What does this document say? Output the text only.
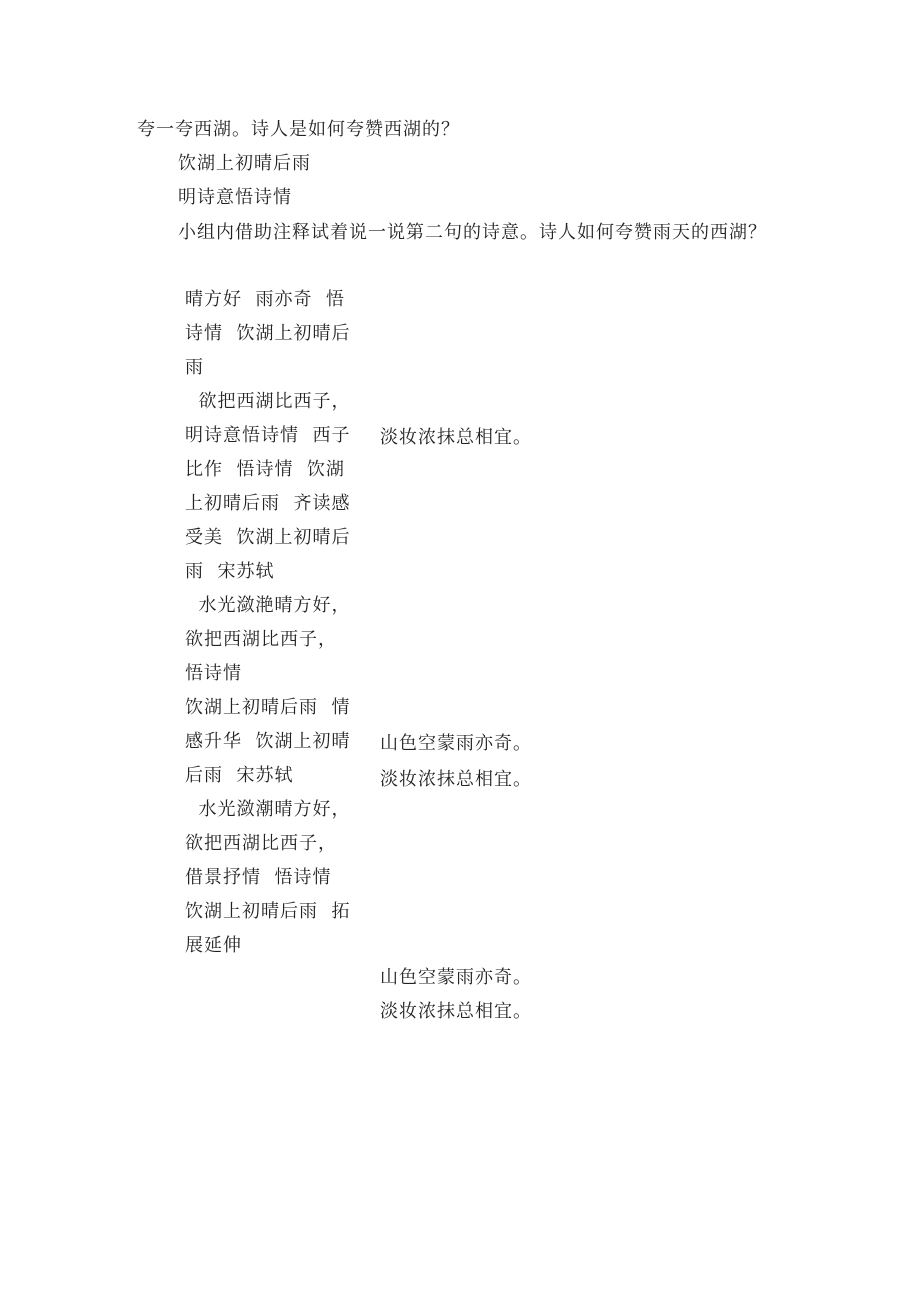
夸一夸西湖。诗人是如何夸赞西湖的？
饮湖上初晴后雨
明诗意悟诗情
小组内借助注释试着说一说第二句的诗意。诗人如何夸赞雨天的西湖？
晴方好  雨亦奇  悟
诗情  饮湖上初晴后
雨
欲把西湖比西子，
明诗意悟诗情  西子
比作  悟诗情  饮湖
上初晴后雨  齐读感
受美  饮湖上初晴后
雨  宋苏轼
水光潋滟晴方好，
欲把西湖比西子，
悟诗情
饮湖上初晴后雨  情
感升华  饮湖上初晴
后雨  宋苏轼
水光潋潮晴方好，
欲把西湖比西子，
借景抒情  悟诗情
饮湖上初晴后雨  拓
展延伸
淡妆浓抹总相宜。
山色空蒙雨亦奇。
淡妆浓抹总相宜。
山色空蒙雨亦奇。
淡妆浓抹总相宜。
